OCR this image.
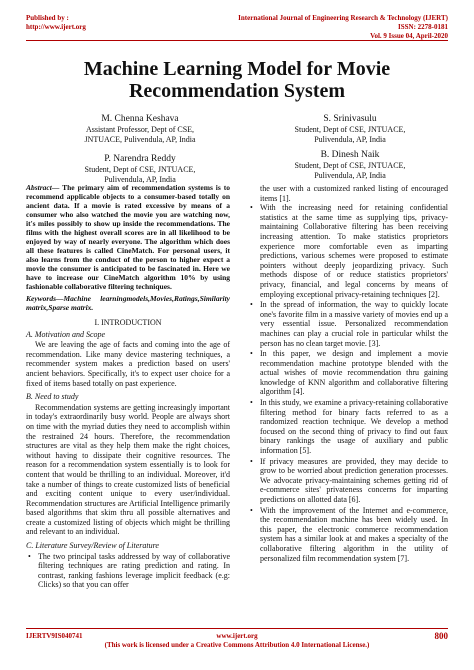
Published by :
http://www.ijert.org
International Journal of Engineering Research & Technology (IJERT)
ISSN: 2278-0181
Vol. 9 Issue 04, April-2020
Machine Learning Model for Movie
Recommendation System
M. Chenna Keshava
Assistant Professor, Dept of CSE,
JNTUACE, Pulivendula, AP, India
S. Srinivasulu
Student, Dept of CSE, JNTUACE,
Pulivendula, AP, India
P. Narendra Reddy
Student, Dept of CSE, JNTUACE,
Pulivendula, AP, India
B. Dinesh Naik
Student, Dept of CSE, JNTUACE,
Pulivendula, AP, India
Abstract— The primary aim of recommendation systems is to recommend applicable objects to a consumer-based totally on ancient data. If a movie is rated excessive by means of a consumer who also watched the movie you are watching now, it's miles possibly to show up inside the recommendations. The films with the highest overall scores are in all likelihood to be enjoyed by way of nearly everyone. The algorithm which does all these features is called CineMatch. For personal users, it also learns from the conduct of the person to higher expect a movie the consumer is anticipated to be fascinated in. Here we have to increase our CineMatch algorithm 10% by using fashionable collaborative filtering techniques.
Keywords—Machine learningmodels,Movies,Ratings,Similarity matrix,Sparse matrix.
I. INTRODUCTION
A. Motivation and Scope

We are leaving the age of facts and coming into the age of recommendation. Like many device mastering techniques, a recommender system makes a prediction based on users' ancient behaviors. Specifically, it's to expect user choice for a fixed of items based totally on past experience.

B. Need to study

Recommendation systems are getting increasingly important in today's extraordinarily busy world. People are always short on time with the myriad duties they need to accomplish within the restrained 24 hours. Therefore, the recommendation structures are vital as they help them make the right choices, without having to dissipate their cognitive resources. The reason for a recommendation system essentially is to look for content that would be thrilling to an individual. Moreover, it'd take a number of things to create customized lists of beneficial and exciting content unique to every user/individual. Recommendation structures are Artificial Intelligence primarily based algorithms that skim thru all possible alternatives and create a customized listing of objects which might be thrilling and relevant to an individual.

C. Literature Survey/Review of Literature
• The two principal tasks addressed by way of collaborative filtering techniques are rating prediction and rating. In contrast, ranking fashions leverage implicit feedback (e.g: Clicks) so that you can offer

the user with a customized ranked listing of encouraged items [1].

• With the increasing need for retaining confidential statistics at the same time as supplying tips, privacy-maintaining Collaborative filtering has been receiving increasing attention. To make statistics proprietors experience more comfortable even as imparting predictions, various schemes were proposed to estimate pointers without deeply jeopardizing privacy. Such methods dispose of or reduce statistics proprietors' privacy, financial, and legal concerns by means of employing exceptional privacy-retaining techniques [2].
• In the spread of information, the way to quickly locate one's favorite film in a massive variety of movies end up a very essential issue. Personalized recommendation machines can play a crucial role in particular whilst the person has no clean target movie. [3].
• In this paper, we design and implement a movie recommendation machine prototype blended with the actual wishes of movie recommendation thru gaining knowledge of KNN algorithm and collaborative filtering algorithm [4].
• In this study, we examine a privacy-retaining collaborative filtering method for binary facts referred to as a randomized reaction technique. We develop a method focused on the second thing of privacy to find out faux binary rankings the usage of auxiliary and public information [5].
• If privacy measures are provided, they may decide to grow to be worried about prediction generation processes. We advocate privacy-maintaining schemes getting rid of e-commerce sites' privateness concerns for imparting predictions on allotted data [6].
• With the improvement of the Internet and e-commerce, the recommendation machine has been widely used. In this paper, the electronic commerce recommendation system has a similar look at and makes a specialty of the collaborative filtering algorithm in the utility of personalized film recommendation system [7].
IJERTV9IS040741	www.ijert.org	800
(This work is licensed under a Creative Commons Attribution 4.0 International License.)
